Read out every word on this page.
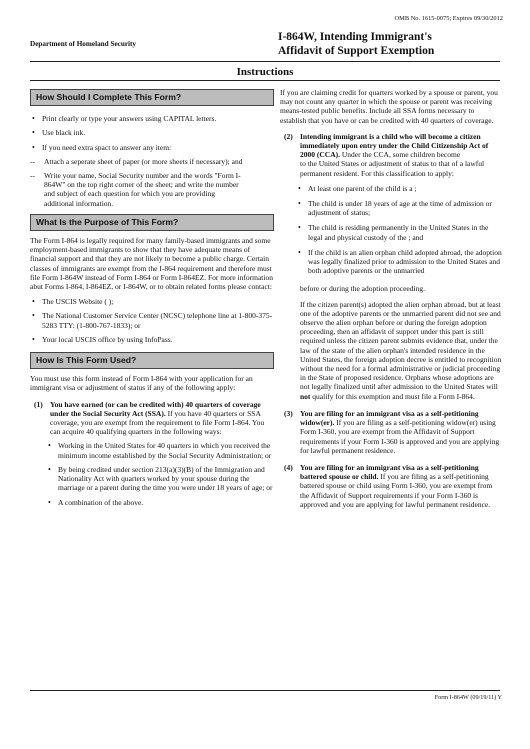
OMB No. 1615-0075; Expires 09/30/2012
Department of Homeland Security
I-864W, Intending Immigrant's
Affidavit of Support Exemption
Instructions
How Should I Complete This Form?

• Print clearly or type your answers using CAPITAL letters.

• Use black ink.

• If you need extra spact to answer any item:

-- Attach a seperate sheet of paper (or more sheets if necessary); and

-- Write your name, Social Security number and the words "Form I-864W" on the top right corner of the sheet; and write the number and subject of each question for which you are providing additional information.

What Is the Purpose of This Form?

The Form I-864 is legally required for many family-based immigrants and some employment-based immigrants to show that they have adequate means of financial support and that they are not likely to become a public charge. Certain classes of immigrants are exempt from the I-864 requirement and therefore must file Form I-864W instead of Form I-864 or Form I-864EZ. For more information abut Forms I-864, I-864EZ, or I-864W, or to obtain related forms please contact:

• The USCIS Website ( );

• The National Customer Service Center (NCSC) telephone line at 1-800-375-5283 TTY: (1-800-767-1833); or

• Your local USCIS office by using InfoPass.

How Is This Form Used?

You must use this form instead of Form I-864 with your application for an immigrant visa or adjustment of status if any of the following apply:

(1) You have earned (or can be credited with) 40 quarters of coverage under the Social Security Act (SSA). If you have 40 quarters or SSA coverage, you are exempt from the requirement to file Form I-864. You can acquire 40 qualifying quarters in the following ways:

• Working in the United States for 40 quarters in which you received the minimum income established by the Social Security Administration; or

• By being credited under section 213(a)(3)(B) of the Immigration and Nationality Act with quarters worked by your spouse during the marriage or a parent during the time you were under 18 years of age; or

• A combination of the above.

If you are claiming credit for quarters worked by a spouse or parent, you may not count any quarter in which the spouse or parent was receiving means-tested public benefits. Include all SSA forms necessary to establish that you have or can be credited with 40 quarters of coverage.

(2) Intending immigrant is a child who will become a citizen immediately upon entry under the Child Citizenship Act of 2000 (CCA). Under the CCA, some children become
to the United States or adjustment of status to that of a lawful permanent resident. For this classification to apply:

• At least one parent of the child is a ;

• The child is under 18 years of age at the time of admission or adjustment of status;

• The child is residing permanently in the United States in the legal and physical custody of the ; and

• If the child is an alien orphan child adopted abroad, the adoption was legally finalized prior to admission to the United States and both adoptive parents or the unmarried

before or during the adoption proceeding.

If the citizen parent(s) adopted the alien orphan abroad, but at least one of the adoptive parents or the unmarried parent did not see and observe the alien orphan before or during the foreign adoption proceeding, then an affidavit of support under this part is still required unless the citizen parent submits evidence that, under the law of the state of the alien orphan's intended residence in the United States, the foreign adoption decree is entitled to recognition without the need for a formal administrative or judicial proceeding in the State of proposed residence. Orphans whose adoptions are not legally finalized until after admission to the United States will not qualify for this exemption and must file a Form I-864.

(3) You are filing for an immigrant visa as a self-petitioning widow(er). If you are filing as a self-petitioning widow(er) using Form I-360, you are exempt from the Affidavit of Support requirements if your Form I-360 is approved and you are applying for lawful permanent residence.

(4) You are filing for an immigrant visa as a self-petitioning battered spouse or child. If you are filing as a self-petitioning battered spouse or child using Form I-360, you are exempt from the Affidavit of Support requirements if your Form I-360 is approved and you are applying for lawful permanent residence.

Form I-864W (09/19/11) Y
